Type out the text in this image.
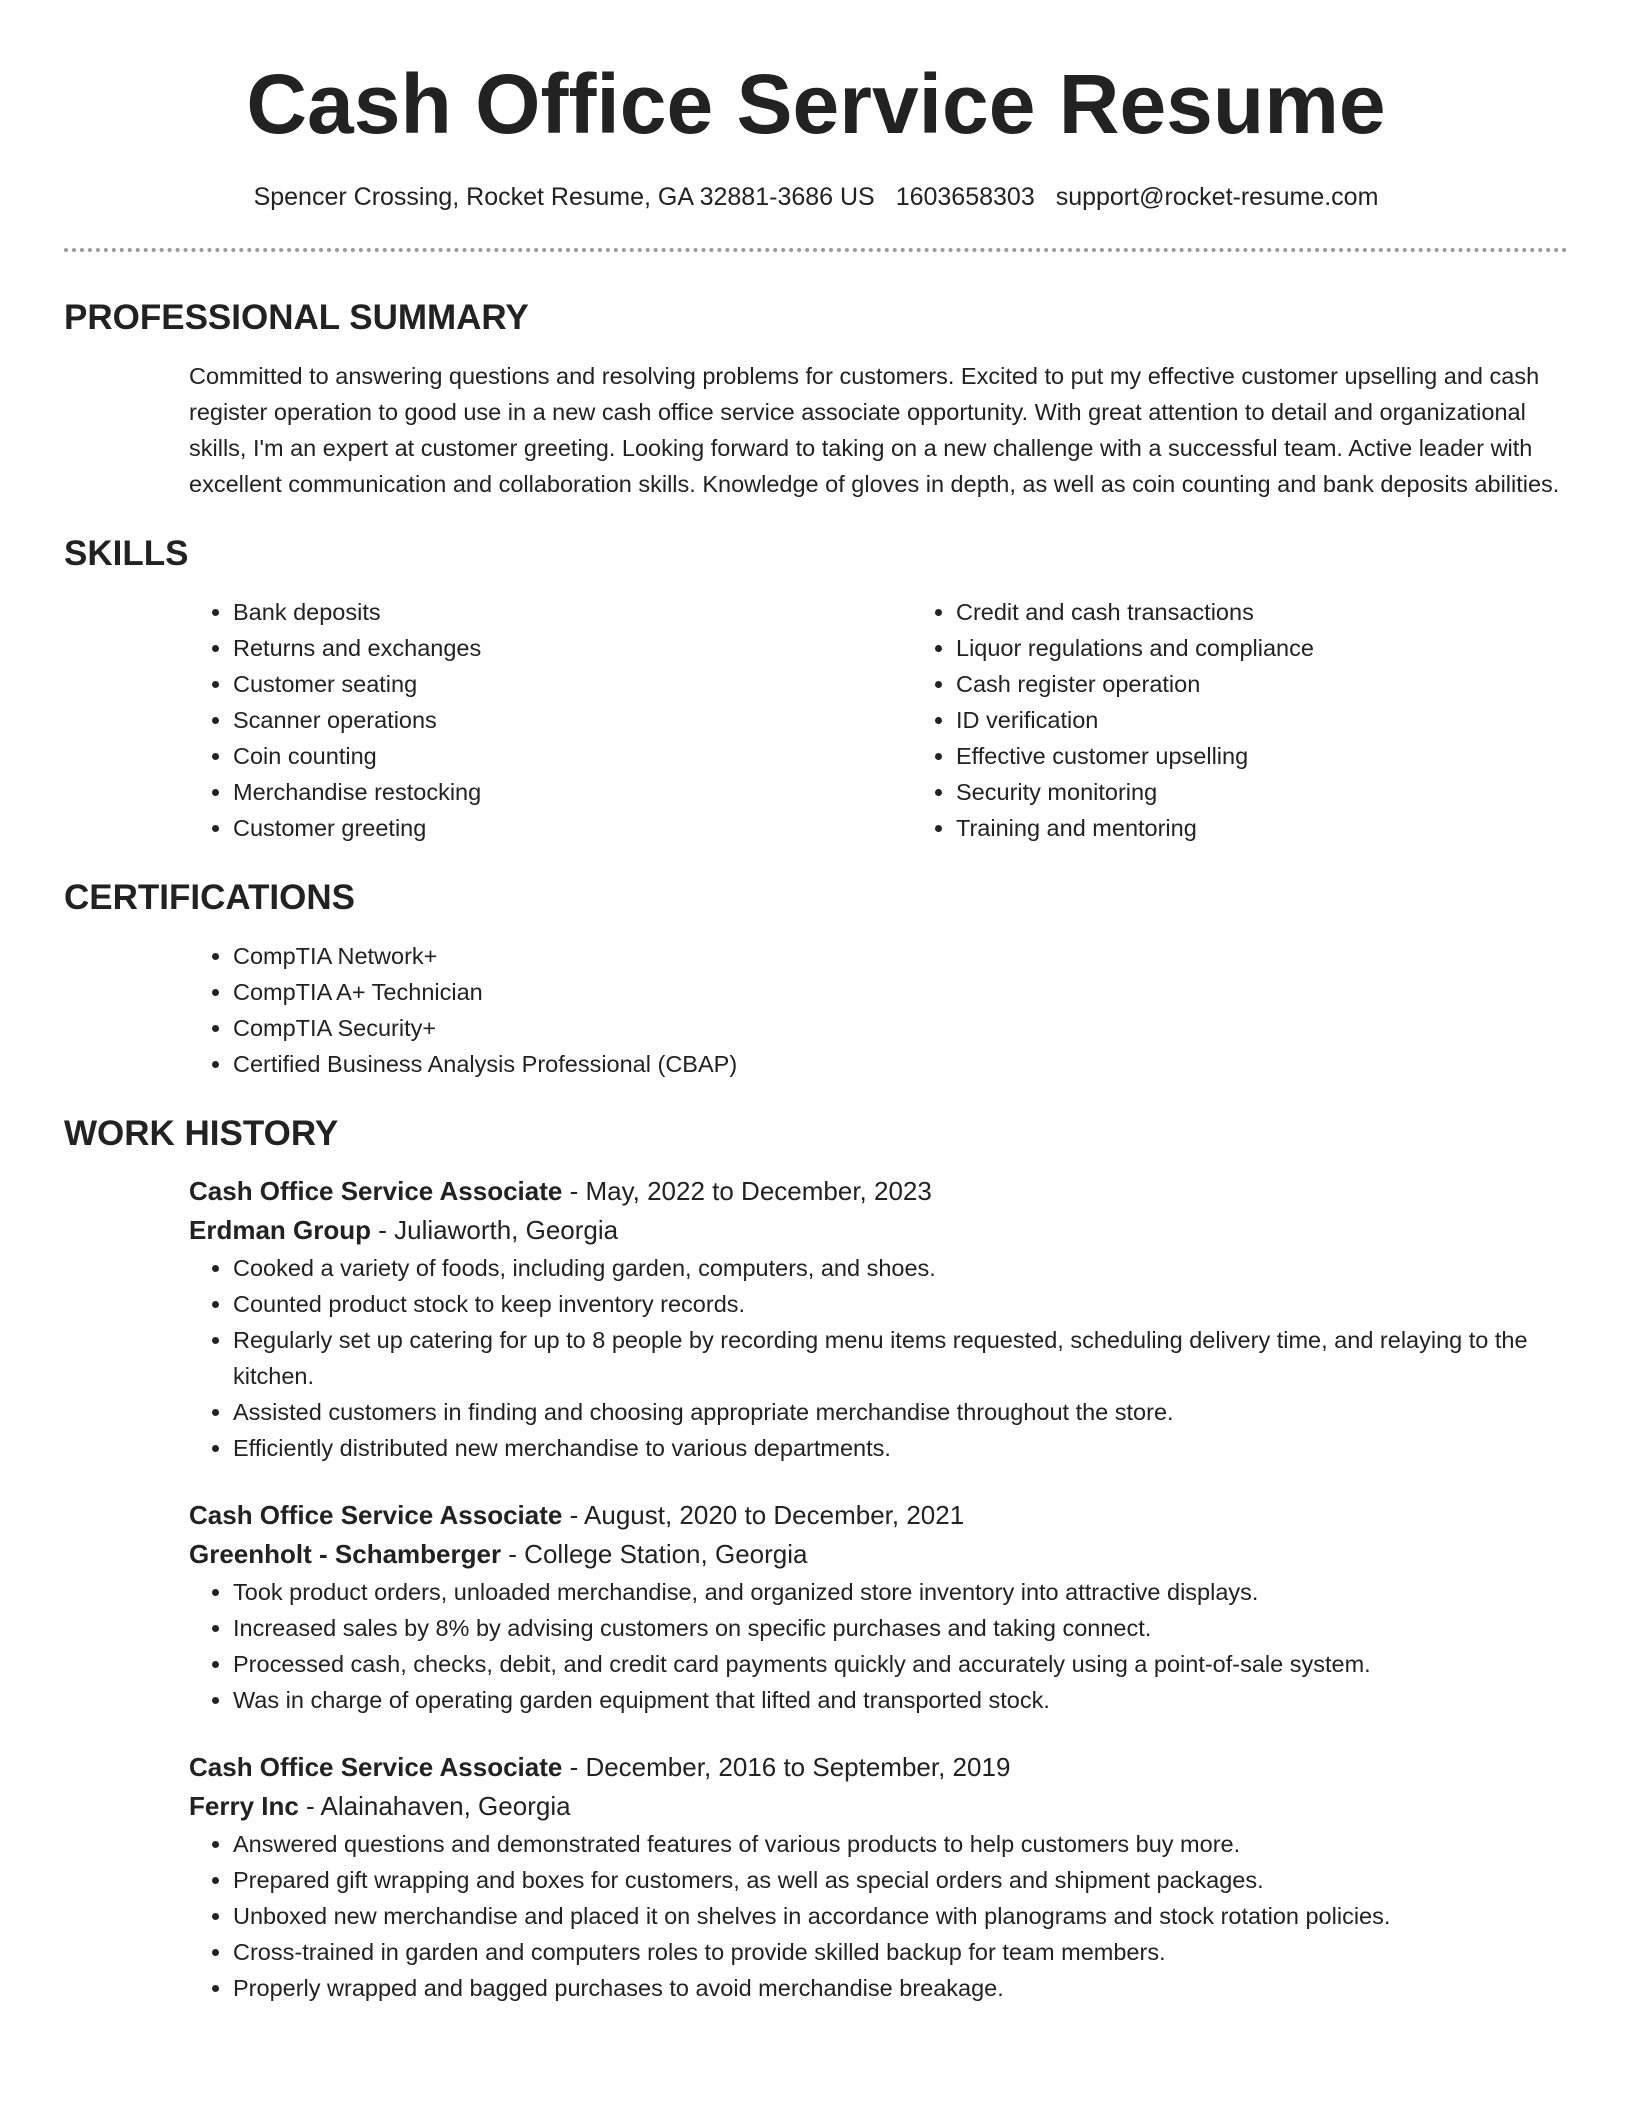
Cash Office Service Resume
Spencer Crossing, Rocket Resume, GA 32881-3686 US 1603658303 support@rocket-resume.com
PROFESSIONAL SUMMARY
Committed to answering questions and resolving problems for customers. Excited to put my effective customer upselling and cash register operation to good use in a new cash office service associate opportunity. With great attention to detail and organizational skills, I'm an expert at customer greeting. Looking forward to taking on a new challenge with a successful team. Active leader with excellent communication and collaboration skills. Knowledge of gloves in depth, as well as coin counting and bank deposits abilities.
SKILLS
• Bank deposits
• Returns and exchanges
• Customer seating
• Scanner operations
• Coin counting
• Merchandise restocking
• Customer greeting
• Credit and cash transactions
• Liquor regulations and compliance
• Cash register operation
• ID verification
• Effective customer upselling
• Security monitoring
• Training and mentoring
CERTIFICATIONS
• CompTIA Network+
• CompTIA A+ Technician
• CompTIA Security+
• Certified Business Analysis Professional (CBAP)
WORK HISTORY
Cash Office Service Associate - May, 2022 to December, 2023
Erdman Group - Juliaworth, Georgia
• Cooked a variety of foods, including garden, computers, and shoes.
• Counted product stock to keep inventory records.
• Regularly set up catering for up to 8 people by recording menu items requested, scheduling delivery time, and relaying to the kitchen.
• Assisted customers in finding and choosing appropriate merchandise throughout the store.
• Efficiently distributed new merchandise to various departments.
Cash Office Service Associate - August, 2020 to December, 2021
Greenholt - Schamberger - College Station, Georgia
• Took product orders, unloaded merchandise, and organized store inventory into attractive displays.
• Increased sales by 8% by advising customers on specific purchases and taking connect.
• Processed cash, checks, debit, and credit card payments quickly and accurately using a point-of-sale system.
• Was in charge of operating garden equipment that lifted and transported stock.
Cash Office Service Associate - December, 2016 to September, 2019
Ferry Inc - Alainahaven, Georgia
• Answered questions and demonstrated features of various products to help customers buy more.
• Prepared gift wrapping and boxes for customers, as well as special orders and shipment packages.
• Unboxed new merchandise and placed it on shelves in accordance with planograms and stock rotation policies.
• Cross-trained in garden and computers roles to provide skilled backup for team members.
• Properly wrapped and bagged purchases to avoid merchandise breakage.
